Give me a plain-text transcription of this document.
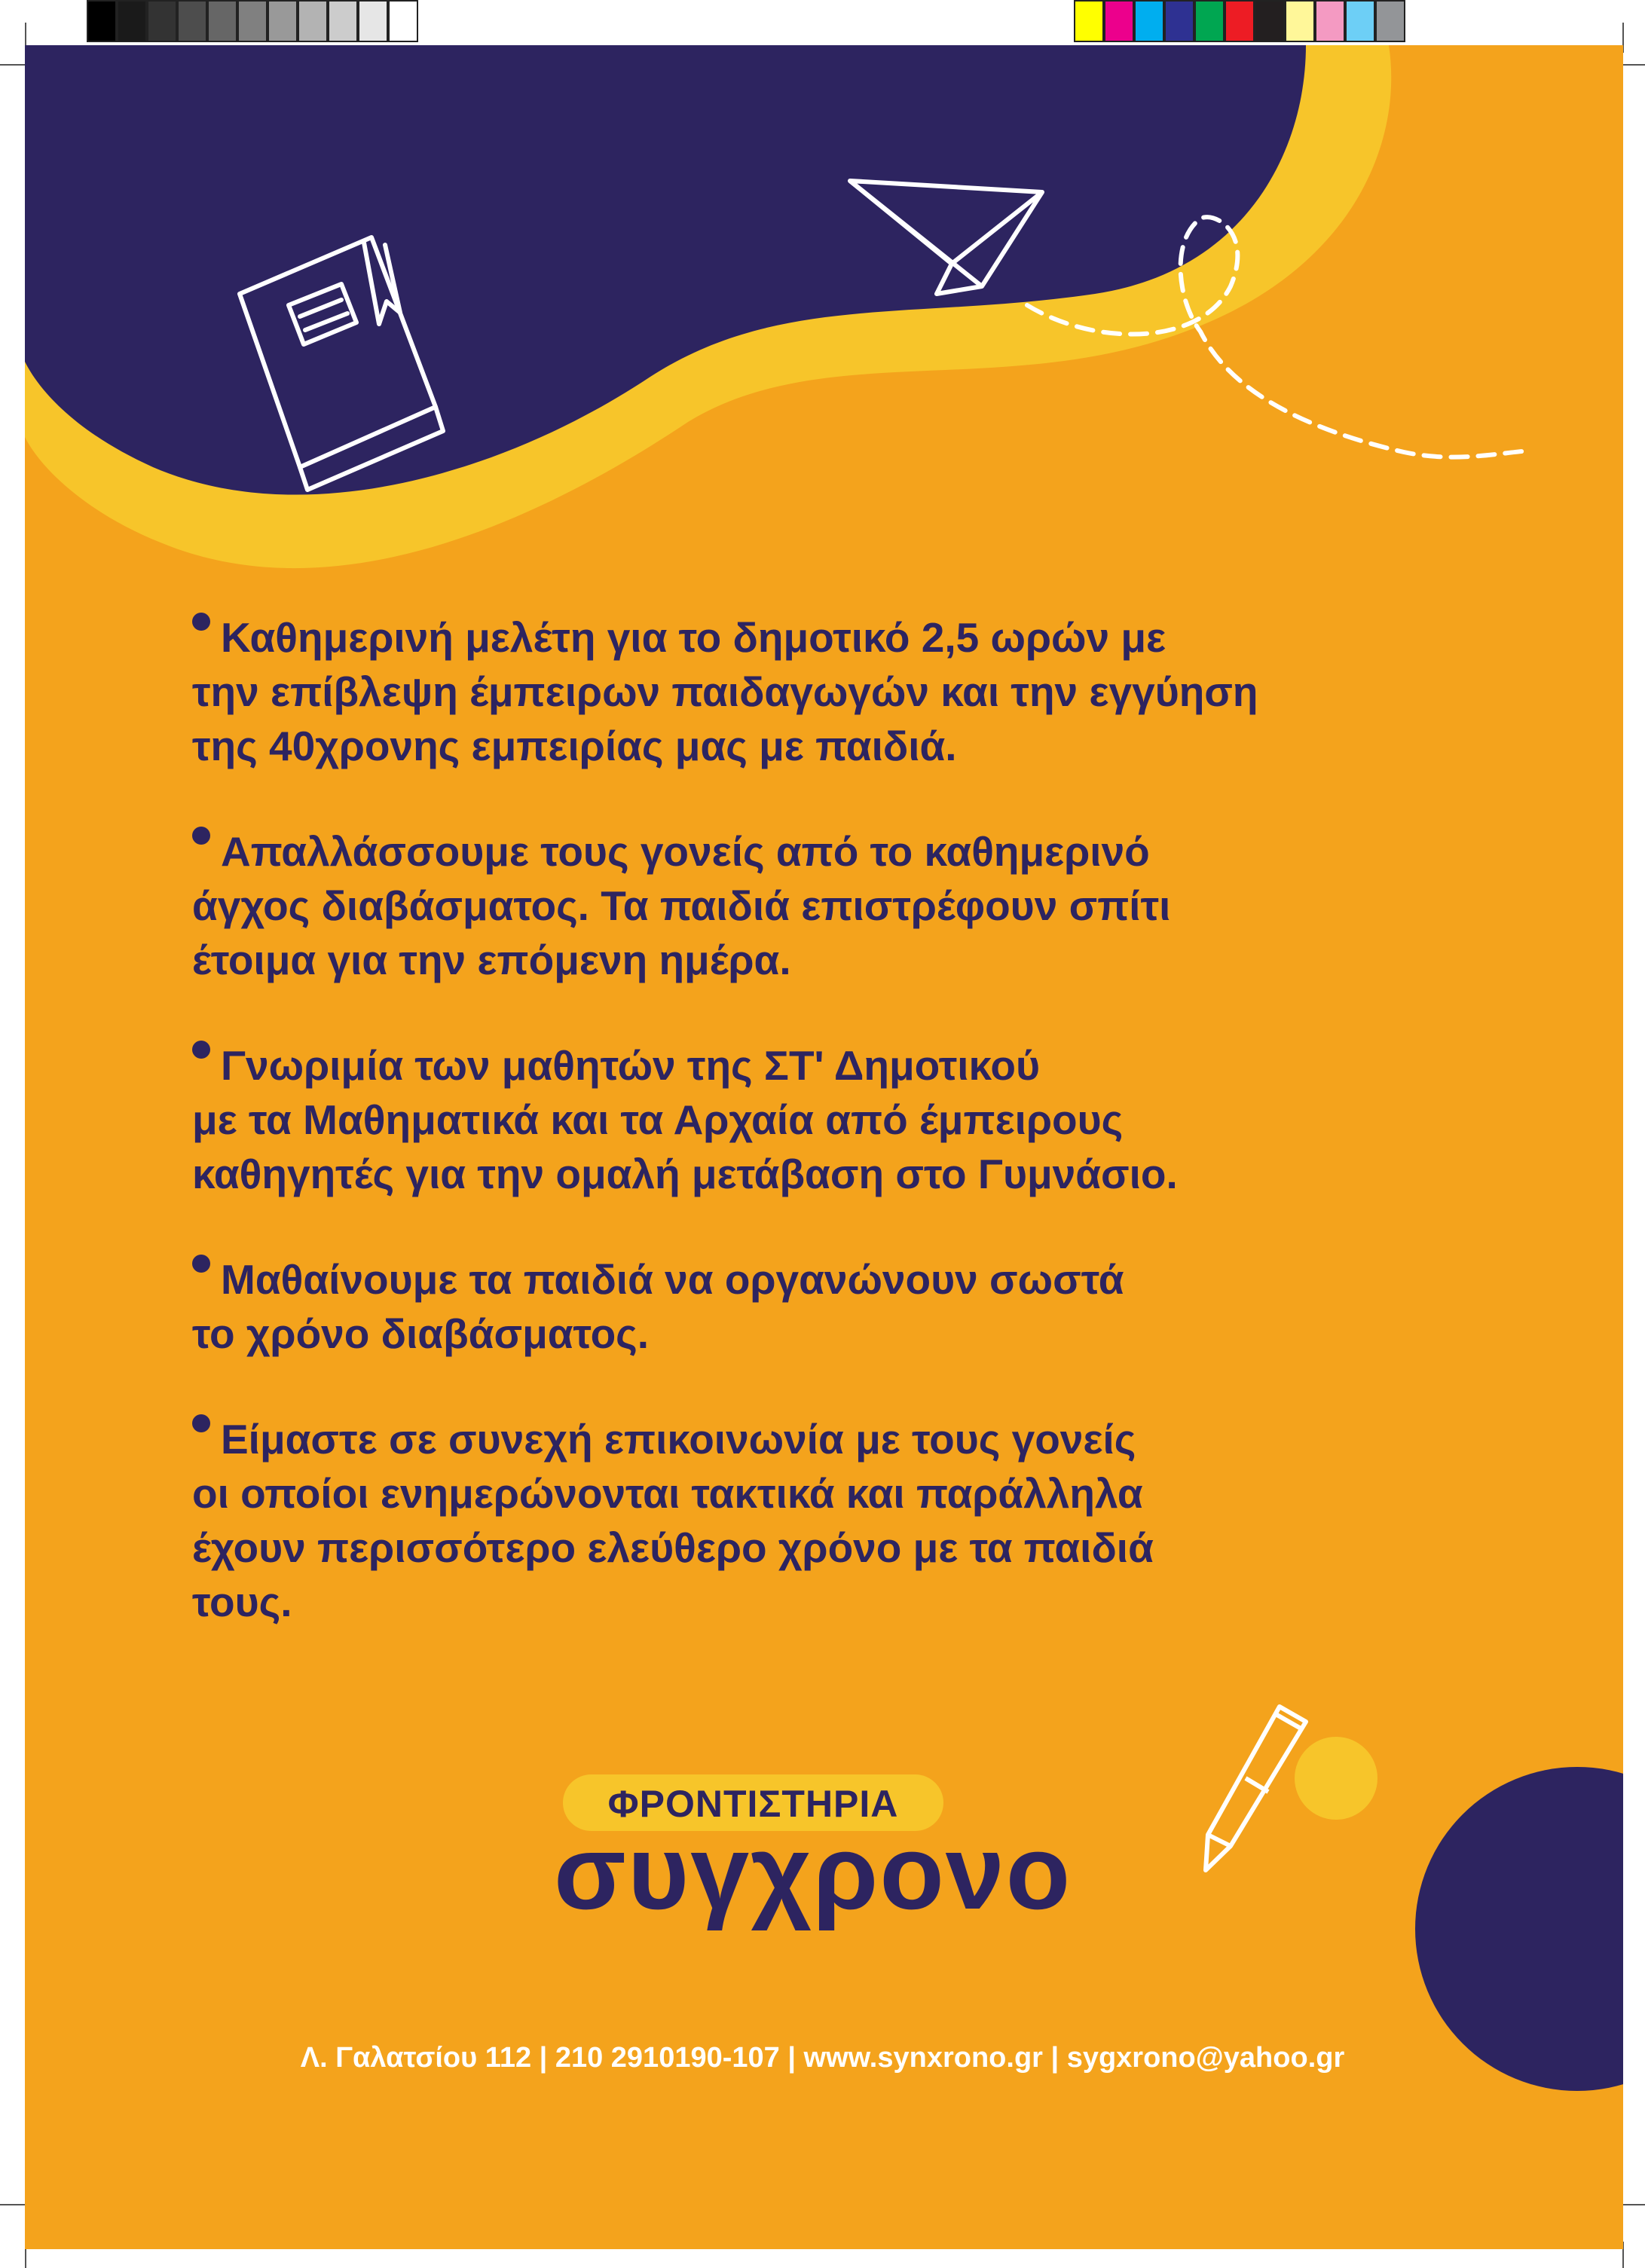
Καθημερινή μελέτη για το δημοτικό 2,5 ωρών με
την επίβλεψη έμπειρων παιδαγωγών και την εγγύηση
της 40χρονης εμπειρίας μας με παιδιά.
Απαλλάσσουμε τους γονείς από το καθημερινό
άγχος διαβάσματος. Τα παιδιά επιστρέφουν σπίτι
έτοιμα για την επόμενη ημέρα.
Γνωριμία των μαθητών της ΣΤ' Δημοτικού
με τα Μαθηματικά και τα Αρχαία από έμπειρους
καθηγητές για την ομαλή μετάβαση στο Γυμνάσιο.
Μαθαίνουμε τα παιδιά να οργανώνουν σωστά
το χρόνο διαβάσματος.
Είμαστε σε συνεχή επικοινωνία με τους γονείς
οι οποίοι ενημερώνονται τακτικά και παράλληλα
έχουν περισσότερο ελεύθερο χρόνο με τα παιδιά
τους.
ΦΡΟΝΤΙΣΤΗΡΙΑ
συγχρονο
Λ. Γαλατσίου 112 | 210 2910190-107 | www.synxrono.gr | sygxrono@yahoo.gr
